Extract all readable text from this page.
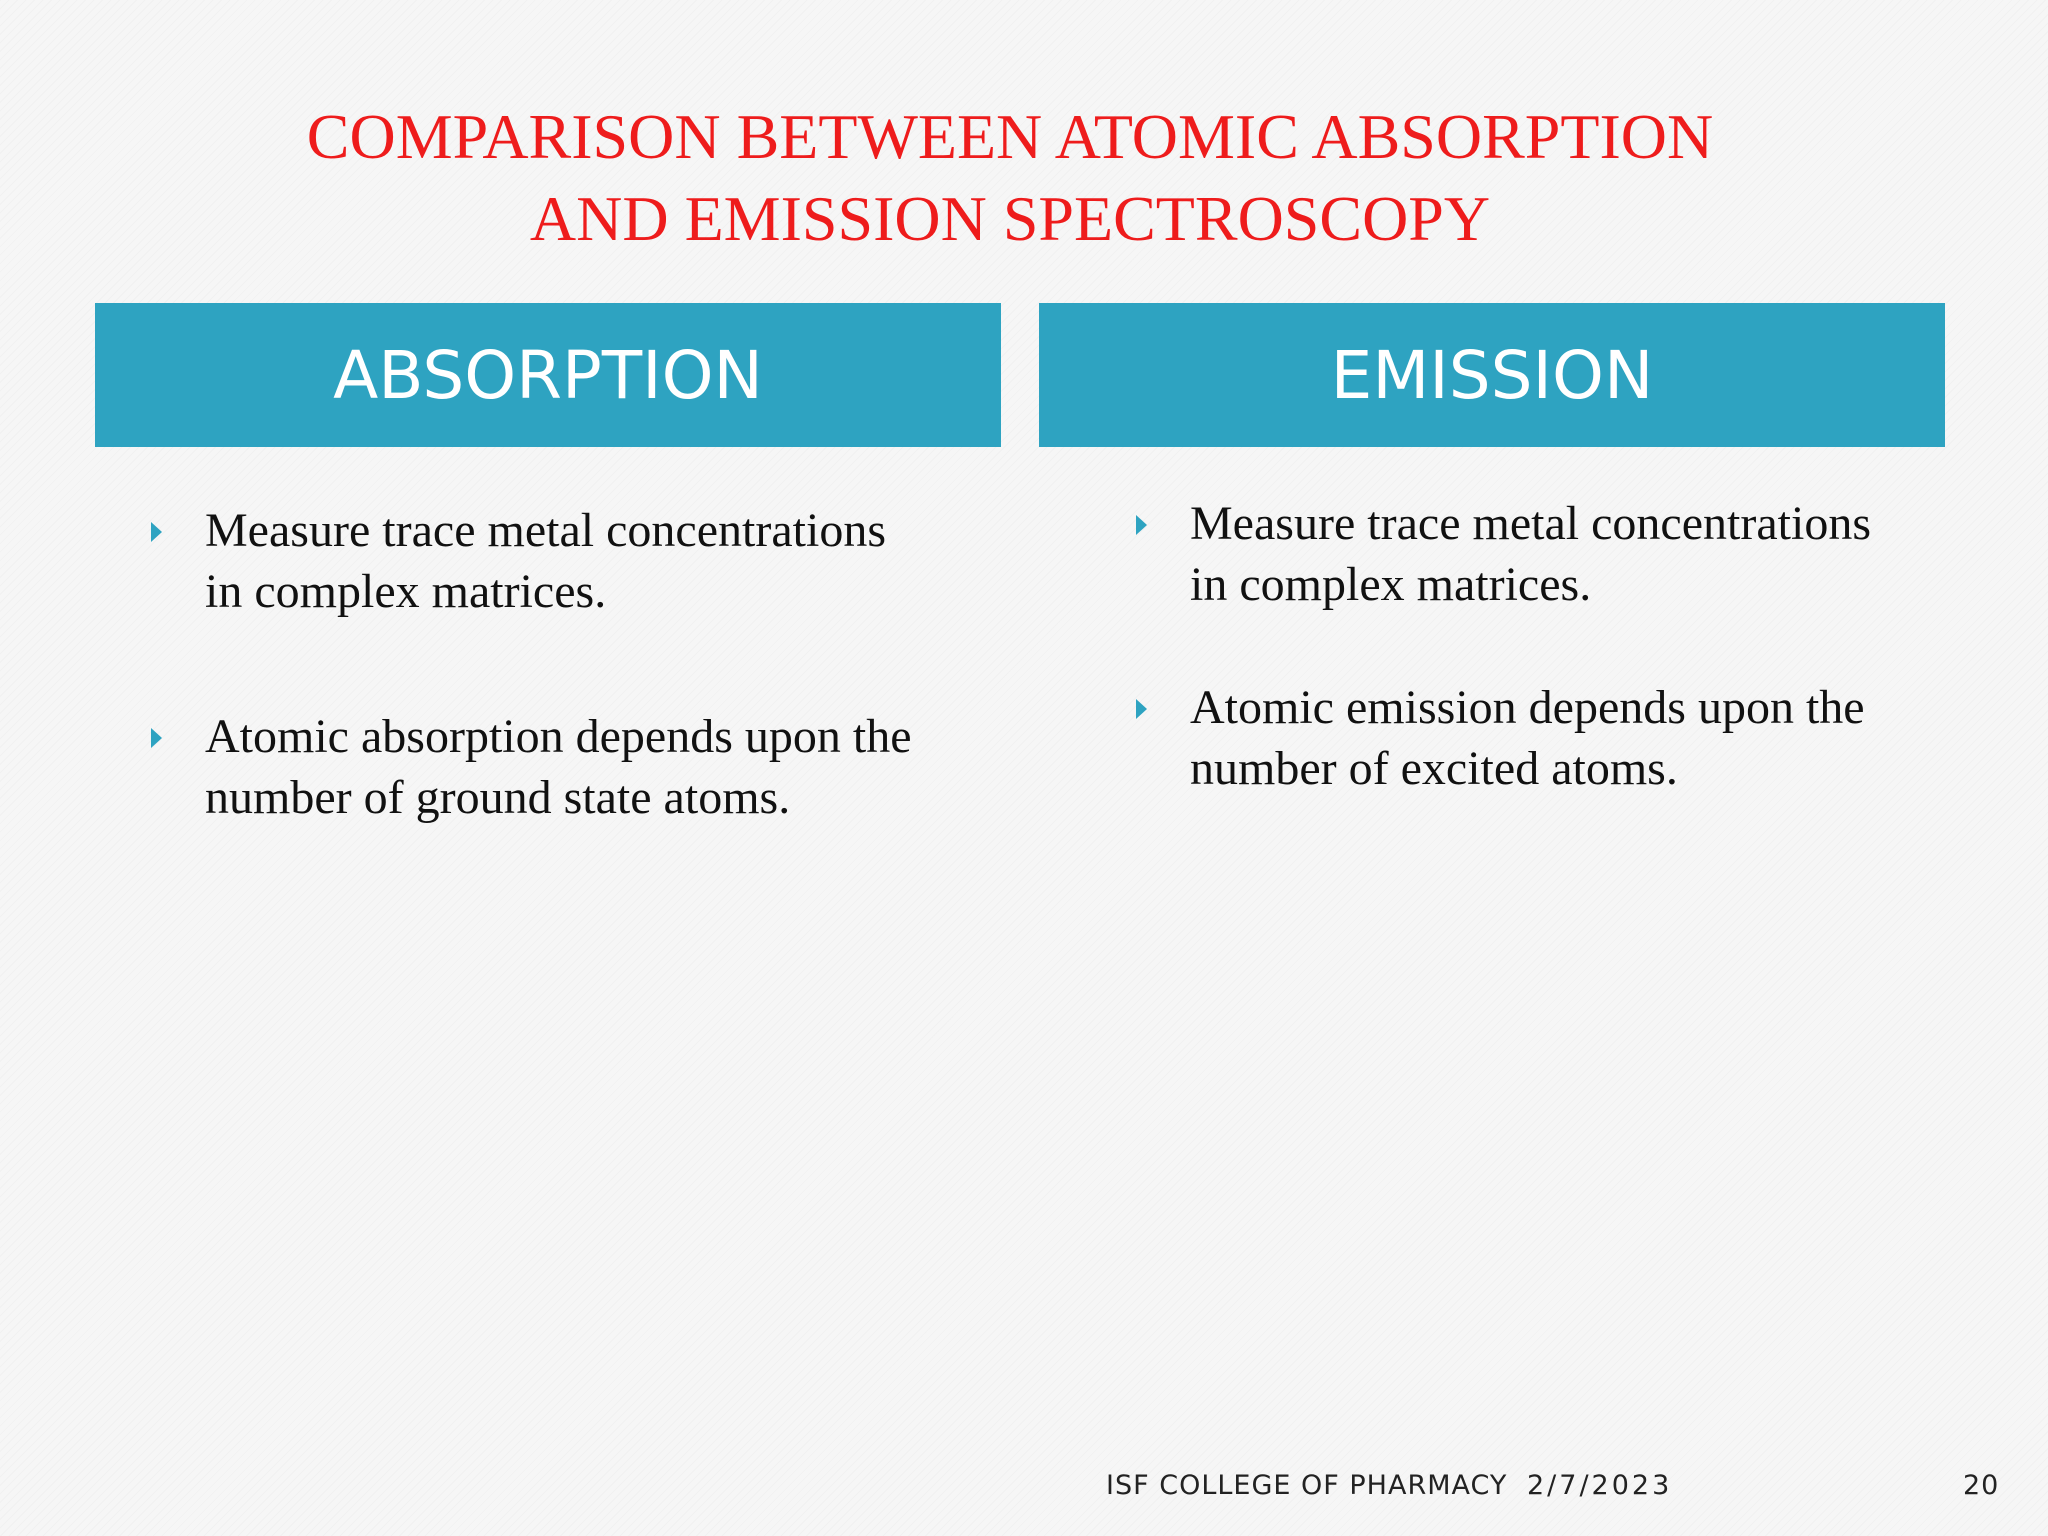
COMPARISON BETWEEN ATOMIC ABSORPTION
AND EMISSION SPECTROSCOPY
ABSORPTION	EMISSION
Measure trace metal concentrations in complex matrices.
Atomic absorption depends upon the number of ground state atoms.
Measure trace metal concentrations in complex matrices.
Atomic emission depends upon the number of excited atoms.
ISF COLLEGE OF PHARMACY 2/7/2023	20
